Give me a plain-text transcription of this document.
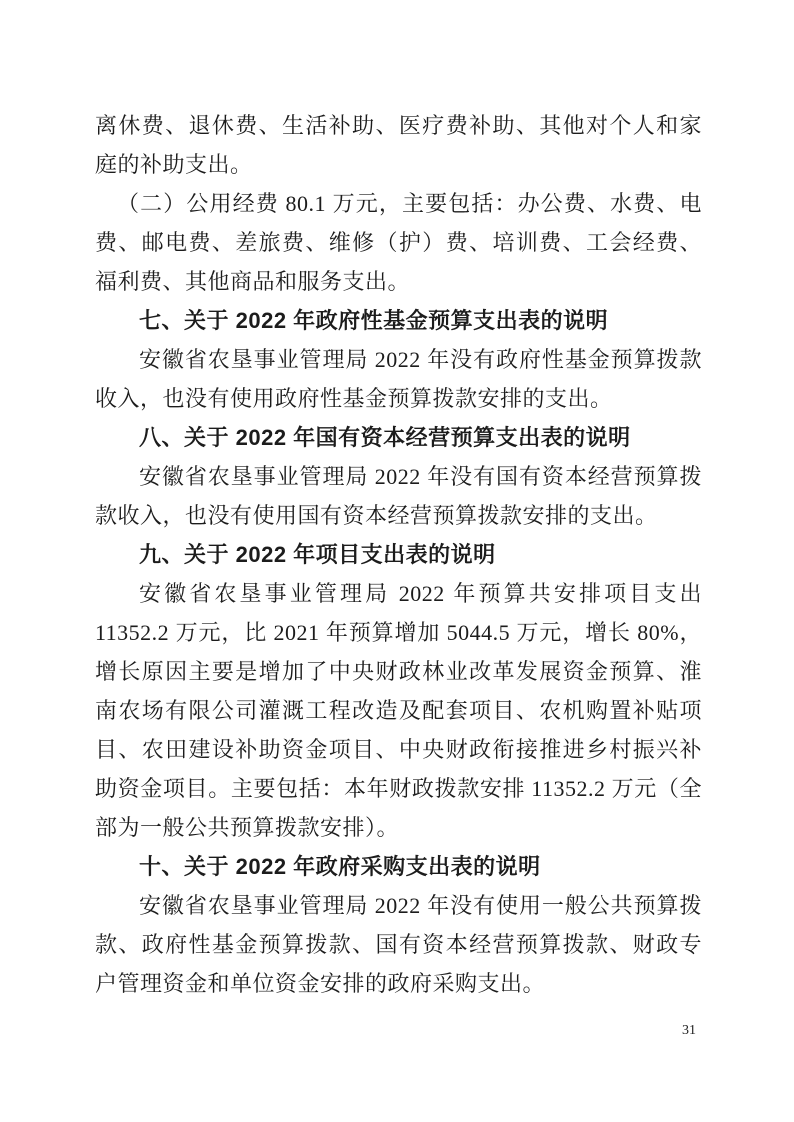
离休费、退休费、生活补助、医疗费补助、其他对个人和家庭的补助支出。

（二）公用经费 80.1 万元，主要包括：办公费、水费、电费、邮电费、差旅费、维修（护）费、培训费、工会经费、福利费、其他商品和服务支出。

七、关于 2022 年政府性基金预算支出表的说明

安徽省农垦事业管理局 2022 年没有政府性基金预算拨款收入，也没有使用政府性基金预算拨款安排的支出。

八、关于 2022 年国有资本经营预算支出表的说明

安徽省农垦事业管理局 2022 年没有国有资本经营预算拨款收入，也没有使用国有资本经营预算拨款安排的支出。

九、关于 2022 年项目支出表的说明

安徽省农垦事业管理局 2022 年预算共安排项目支出 11352.2 万元，比 2021 年预算增加 5044.5 万元，增长 80%，增长原因主要是增加了中央财政林业改革发展资金预算、淮南农场有限公司灌溉工程改造及配套项目、农机购置补贴项目、农田建设补助资金项目、中央财政衔接推进乡村振兴补助资金项目。主要包括：本年财政拨款安排 11352.2 万元（全部为一般公共预算拨款安排）。

十、关于 2022 年政府采购支出表的说明

安徽省农垦事业管理局 2022 年没有使用一般公共预算拨款、政府性基金预算拨款、国有资本经营预算拨款、财政专户管理资金和单位资金安排的政府采购支出。

31
